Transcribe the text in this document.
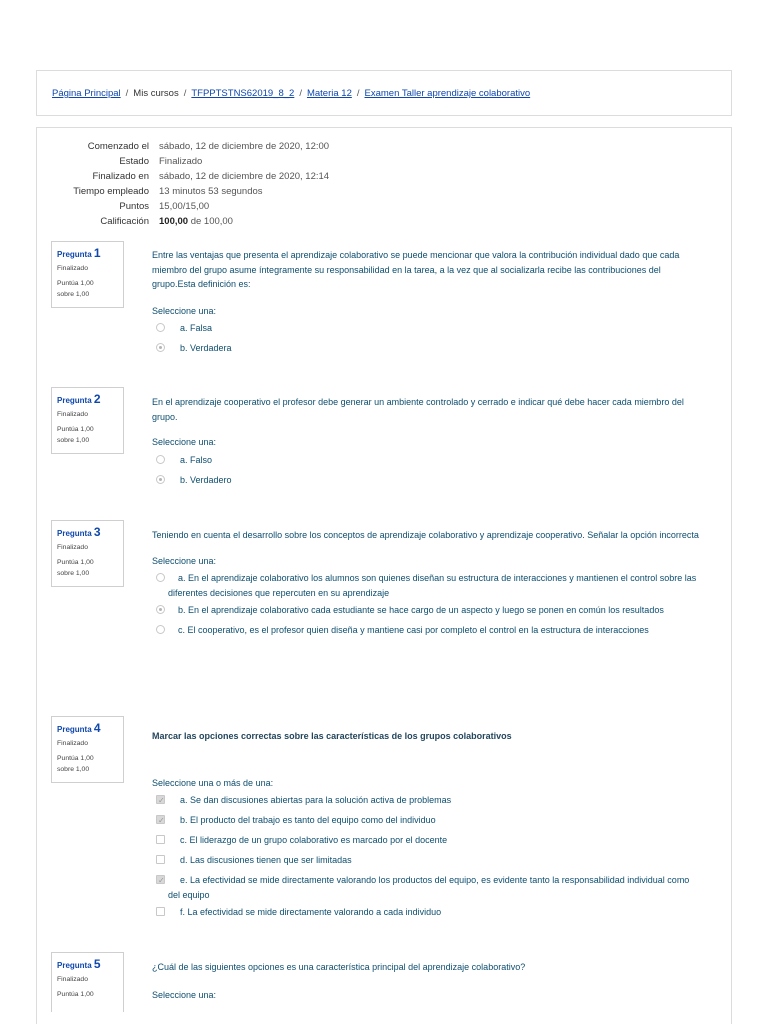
Página Principal / Mis cursos / TFPPTSTNS62019_8_2 / Materia 12 / Examen Taller aprendizaje colaborativo
Comenzado el sábado, 12 de diciembre de 2020, 12:00
Estado Finalizado
Finalizado en sábado, 12 de diciembre de 2020, 12:14
Tiempo empleado 13 minutos 53 segundos
Puntos 15,00/15,00
Calificación 100,00 de 100,00
Pregunta 1
Finalizado
Puntúa 1,00
sobre 1,00
Entre las ventajas que presenta el aprendizaje colaborativo se puede mencionar que valora la contribución individual dado que cada miembro del grupo asume íntegramente su responsabilidad en la tarea, a la vez que al socializarla recibe las contribuciones del grupo.Esta definición es:
Seleccione una:
a. Falsa
b. Verdadera
Pregunta 2
Finalizado
Puntúa 1,00
sobre 1,00
En el aprendizaje cooperativo el profesor debe generar un ambiente controlado y cerrado e indicar qué debe hacer cada miembro del grupo.
Seleccione una:
a. Falso
b. Verdadero
Pregunta 3
Finalizado
Puntúa 1,00
sobre 1,00
Teniendo en cuenta el desarrollo sobre los conceptos de aprendizaje colaborativo y aprendizaje cooperativo. Señalar la opción incorrecta
Seleccione una:
a. En el aprendizaje colaborativo los alumnos son quienes diseñan su estructura de interacciones y mantienen el control sobre las diferentes decisiones que repercuten en su aprendizaje
b. En el aprendizaje colaborativo cada estudiante se hace cargo de un aspecto y luego se ponen en común los resultados
c. El cooperativo, es el profesor quien diseña y mantiene casi por completo el control en la estructura de interacciones
Pregunta 4
Finalizado
Puntúa 1,00
sobre 1,00
Marcar las opciones correctas sobre las características de los grupos colaborativos
Seleccione una o más de una:
✓
a. Se dan discusiones abiertas para la solución activa de problemas
✓
b. El producto del trabajo es tanto del equipo como del individuo
c. El liderazgo de un grupo colaborativo es marcado por el docente
d. Las discusiones tienen que ser limitadas
✓
e. La efectividad se mide directamente valorando los productos del equipo, es evidente tanto la responsabilidad individual como del equipo
f. La efectividad se mide directamente valorando a cada individuo
Pregunta 5
Finalizado
Puntúa 1,00
¿Cuál de las siguientes opciones es una característica principal del aprendizaje colaborativo?
Seleccione una:
